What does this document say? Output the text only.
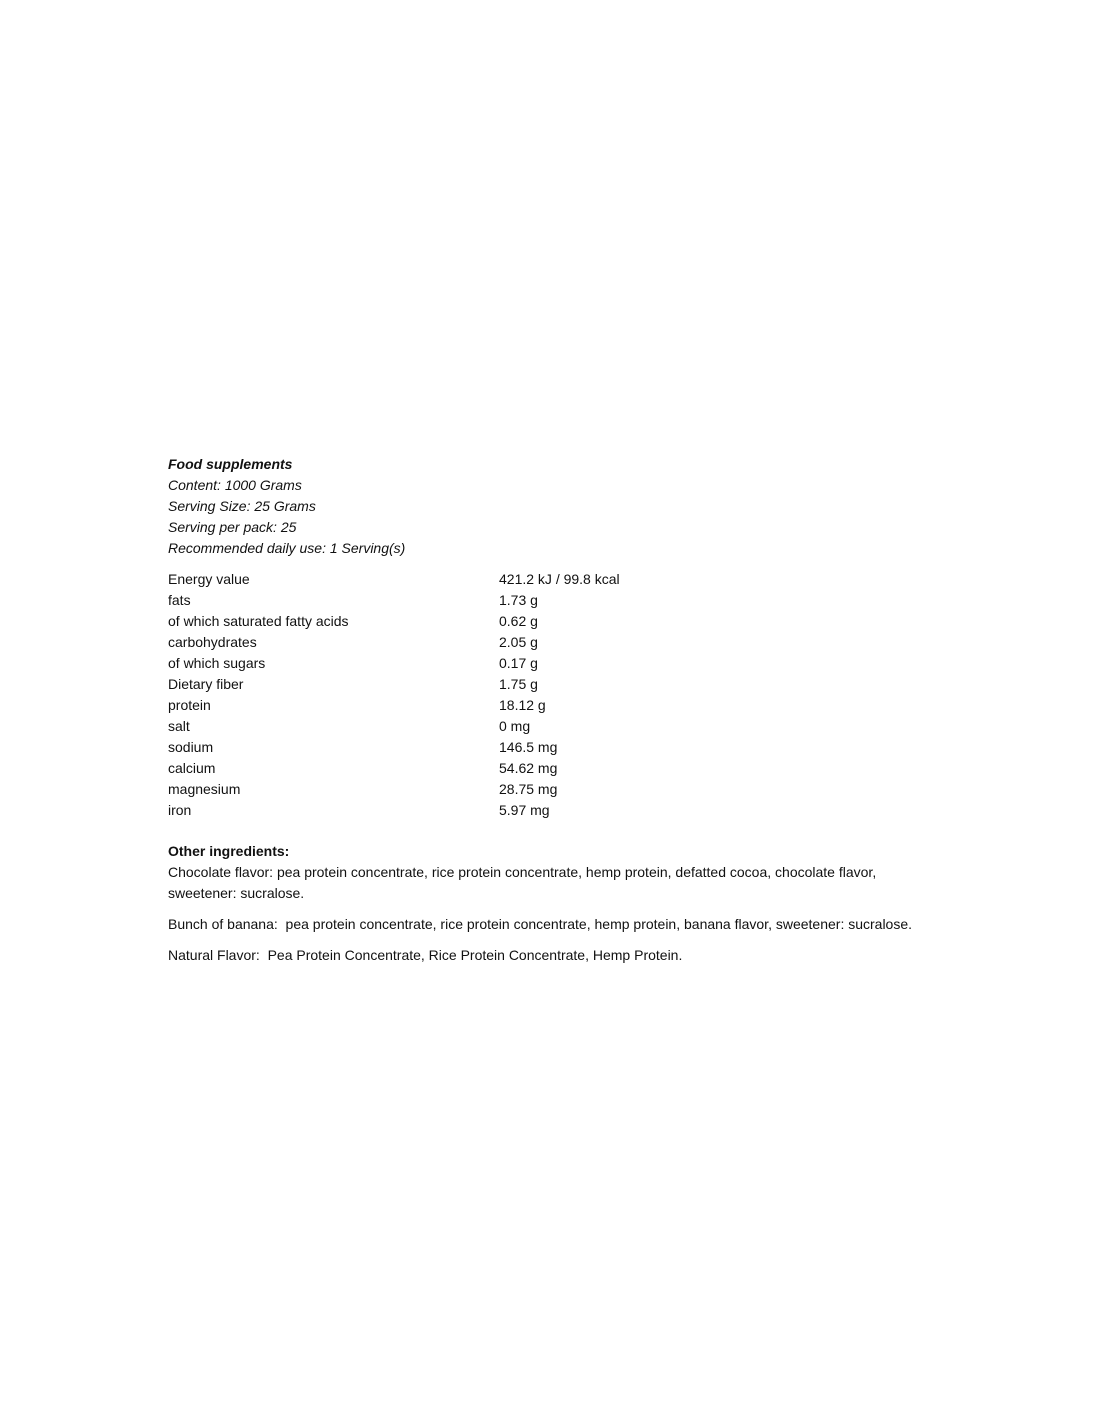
Food supplements
Content: 1000 Grams
Serving Size: 25 Grams
Serving per pack: 25
Recommended daily use: 1 Serving(s)
Energy value	421.2 kJ / 99.8 kcal
fats	1.73 g
of which saturated fatty acids	0.62 g
carbohydrates	2.05 g
of which sugars	0.17 g
Dietary fiber	1.75 g
protein	18.12 g
salt	0 mg
sodium	146.5 mg
calcium	54.62 mg
magnesium	28.75 mg
iron	5.97 mg
Other ingredients:

Chocolate flavor: pea protein concentrate, rice protein concentrate, hemp protein, defatted cocoa, chocolate flavor,
sweetener: sucralose.

Bunch of banana:  pea protein concentrate, rice protein concentrate, hemp protein, banana flavor, sweetener: sucralose.

Natural Flavor:  Pea Protein Concentrate, Rice Protein Concentrate, Hemp Protein.
